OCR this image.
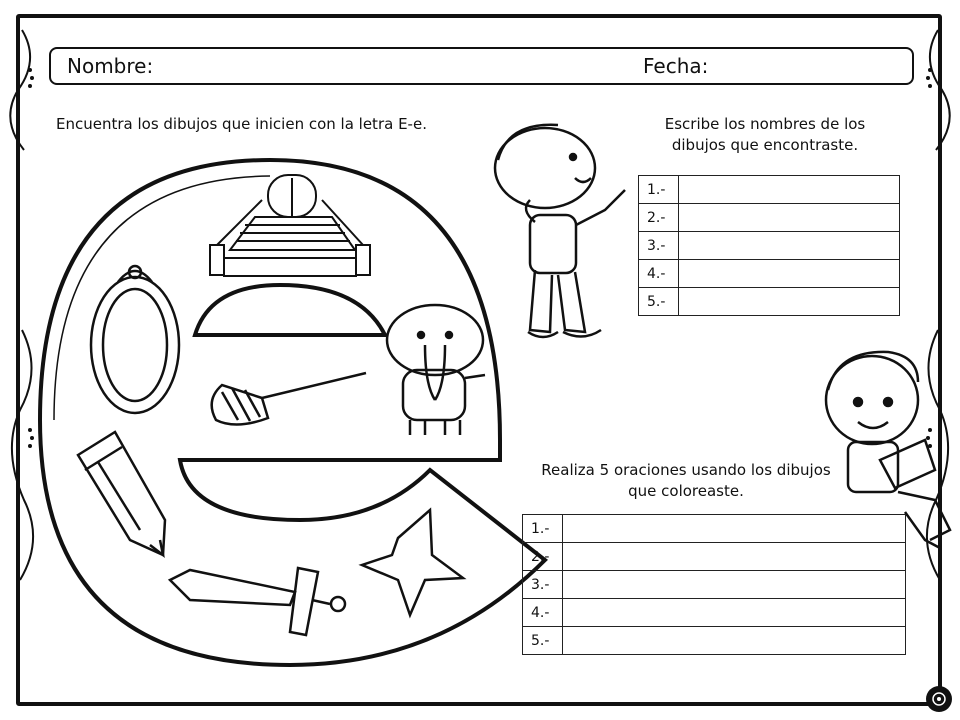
Nombre:	Fecha:
Encuentra los dibujos que inicien con la letra E-e.	Escribe los nombres de los dibujos que encontraste.
1.-	
2.-	
3.-	
4.-	
5.-	
Realiza 5 oraciones usando los dibujos que coloreaste.
1.-	
2.-	
3.-	
4.-	
5.-	
